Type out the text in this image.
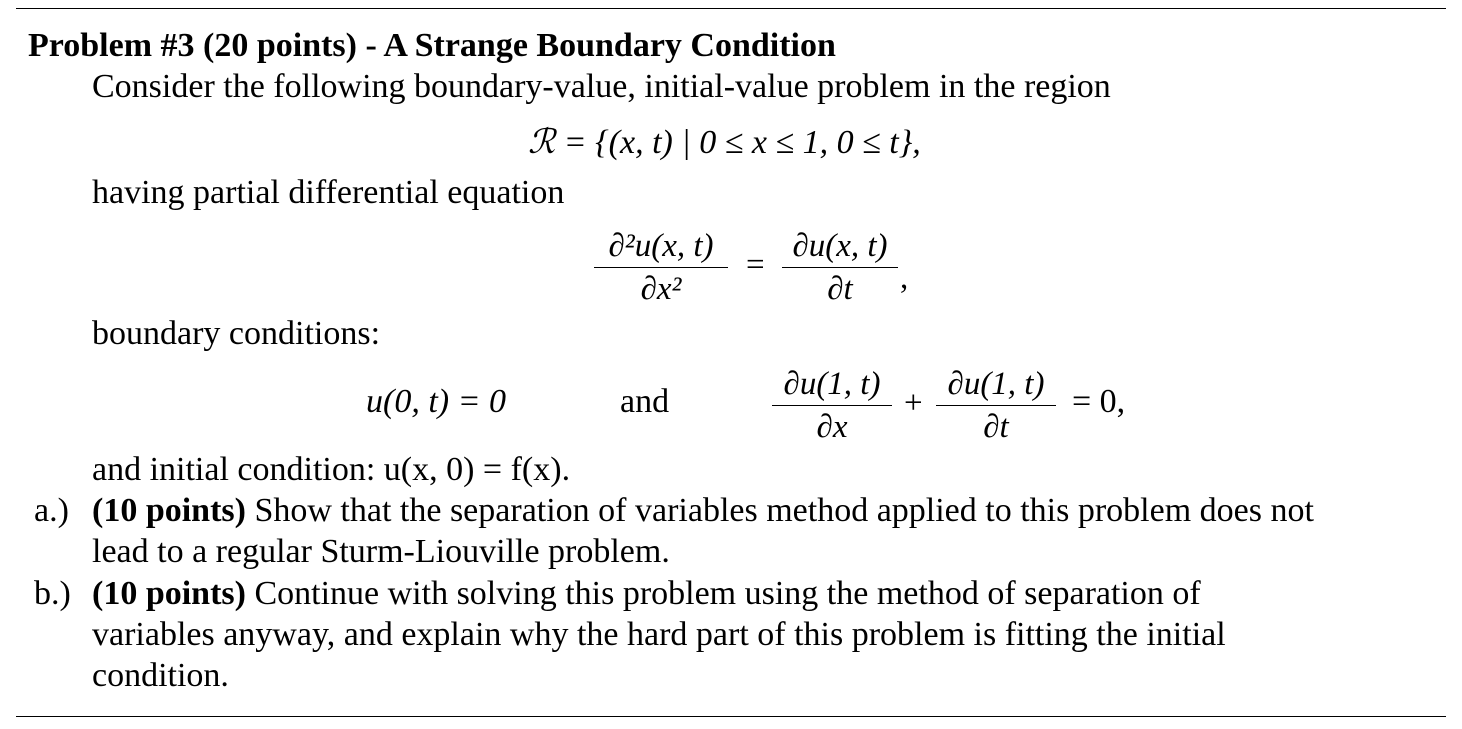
Problem #3 (20 points) - A Strange Boundary Condition
Consider the following boundary-value, initial-value problem in the region
ℛ = {(x, t) | 0 ≤ x ≤ 1, 0 ≤ t},
having partial differential equation
∂²u(x, t)
∂x²
=
∂u(x, t)
∂t	,
boundary conditions:
u(0, t) = 0	and	∂u(1, t)
∂x
+
∂u(1, t)
∂t
= 0,
and initial condition: u(x, 0) = f(x).
a.) (10 points) Show that the separation of variables method applied to this problem does not
lead to a regular Sturm-Liouville problem.
b.) (10 points) Continue with solving this problem using the method of separation of
variables anyway, and explain why the hard part of this problem is fitting the initial
condition.
